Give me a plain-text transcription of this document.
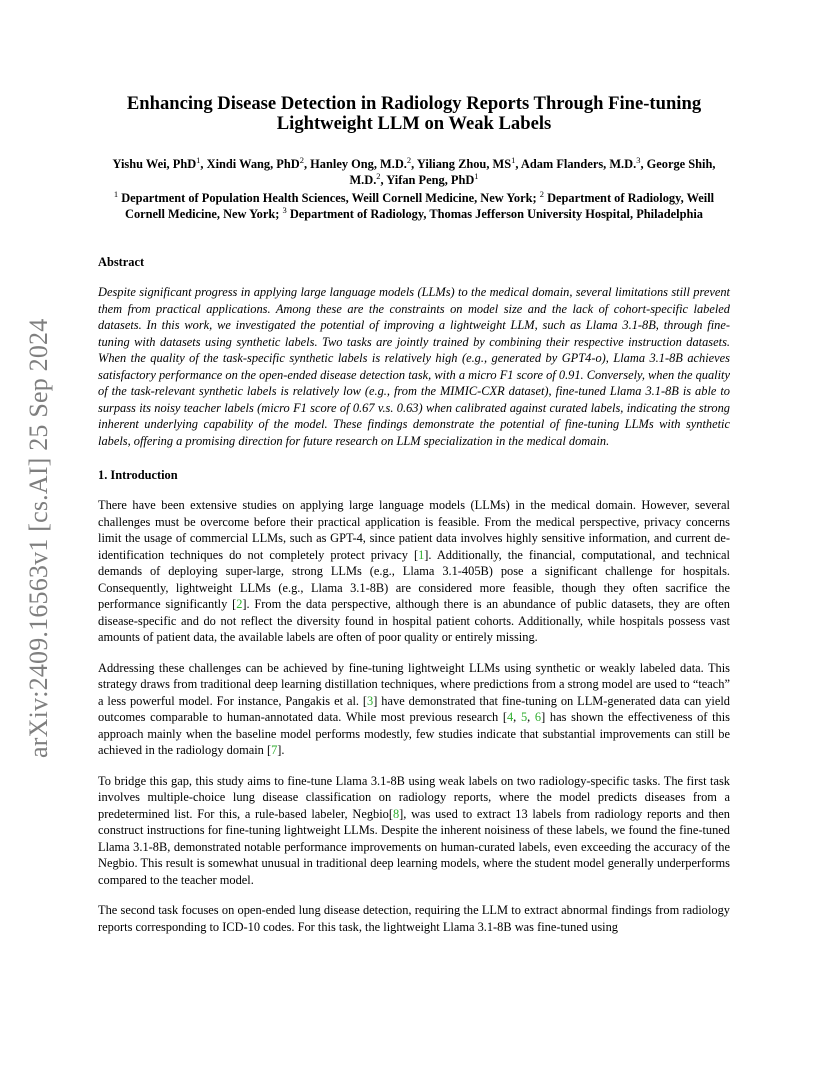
arXiv:2409.16563v1 [cs.AI] 25 Sep 2024
Enhancing Disease Detection in Radiology Reports Through Fine-tuning Lightweight LLM on Weak Labels

Yishu Wei, PhD$^1$, Xindi Wang, PhD$^2$, Hanley Ong, M.D.$^2$, Yiliang Zhou, $MS^1$, Adam Flanders, M.D.$^3$, George Shih, M.D.$^2$, Yifan Peng, PhD$^1$

$^1$ Department of Population Health Sciences, Weill Cornell Medicine, New York; $^2$ Department of Radiology, Weill Cornell Medicine, New York; $^3$ Department of Radiology, Thomas Jefferson University Hospital, Philadelphia

Abstract

Despite significant progress in applying large language models (LLMs) to the medical domain, several limitations still prevent them from practical applications. Among these are the constraints on model size and the lack of cohort-specific labeled datasets. In this work, we investigated the potential of improving a lightweight LLM, such as Llama 3.1-8B, through fine-tuning with datasets using synthetic labels. Two tasks are jointly trained by combining their respective instruction datasets. When the quality of the task-specific synthetic labels is relatively high (e.g., generated by GPT4-o), Llama 3.1-8B achieves satisfactory performance on the open-ended disease detection task, with a micro F1 score of 0.91. Conversely, when the quality of the task-relevant synthetic labels is relatively low (e.g., from the MIMIC-CXR dataset), fine-tuned Llama 3.1-8B is able to surpass its noisy teacher labels (micro F1 score of 0.67 v.s. 0.63) when calibrated against curated labels, indicating the strong inherent underlying capability of the model. These findings demonstrate the potential of fine-tuning LLMs with synthetic labels, offering a promising direction for future research on LLM specialization in the medical domain.

1. Introduction

There have been extensive studies on applying large language models (LLMs) in the medical domain. However, several challenges must be overcome before their practical application is feasible. From the medical perspective, privacy concerns limit the usage of commercial LLMs, such as GPT-4, since patient data involves highly sensitive information, and current de-identification techniques do not completely protect privacy [1]. Additionally, the financial, computational, and technical demands of deploying super-large, strong LLMs (e.g., Llama 3.1-405B) pose a significant challenge for hospitals. Consequently, lightweight LLMs (e.g., Llama 3.1-8B) are considered more feasible, though they often sacrifice the performance significantly [2]. From the data perspective, although there is an abundance of public datasets, they are often disease-specific and do not reflect the diversity found in hospital patient cohorts. Additionally, while hospitals possess vast amounts of patient data, the available labels are often of poor quality or entirely missing.

Addressing these challenges can be achieved by fine-tuning lightweight LLMs using synthetic or weakly labeled data. This strategy draws from traditional deep learning distillation techniques, where predictions from a strong model are used to “teach” a less powerful model. For instance, Pangakis et al. [3] have demonstrated that fine-tuning on LLM-generated data can yield outcomes comparable to human-annotated data. While most previous research [4, 5, 6] has shown the effectiveness of this approach mainly when the baseline model performs modestly, few studies indicate that substantial improvements can still be achieved in the radiology domain [7].

To bridge this gap, this study aims to fine-tune Llama 3.1-8B using weak labels on two radiology-specific tasks. The first task involves multiple-choice lung disease classification on radiology reports, where the model predicts diseases from a predetermined list. For this, a rule-based labeler, Negbio[8], was used to extract 13 labels from radiology reports and then construct instructions for fine-tuning lightweight LLMs. Despite the inherent noisiness of these labels, we found the fine-tuned Llama 3.1-8B, demonstrated notable performance improvements on human-curated labels, even exceeding the accuracy of the Negbio. This result is somewhat unusual in traditional deep learning models, where the student model generally underperforms compared to the teacher model.

The second task focuses on open-ended lung disease detection, requiring the LLM to extract abnormal findings from radiology reports corresponding to ICD-10 codes. For this task, the lightweight Llama 3.1-8B was fine-tuned using
